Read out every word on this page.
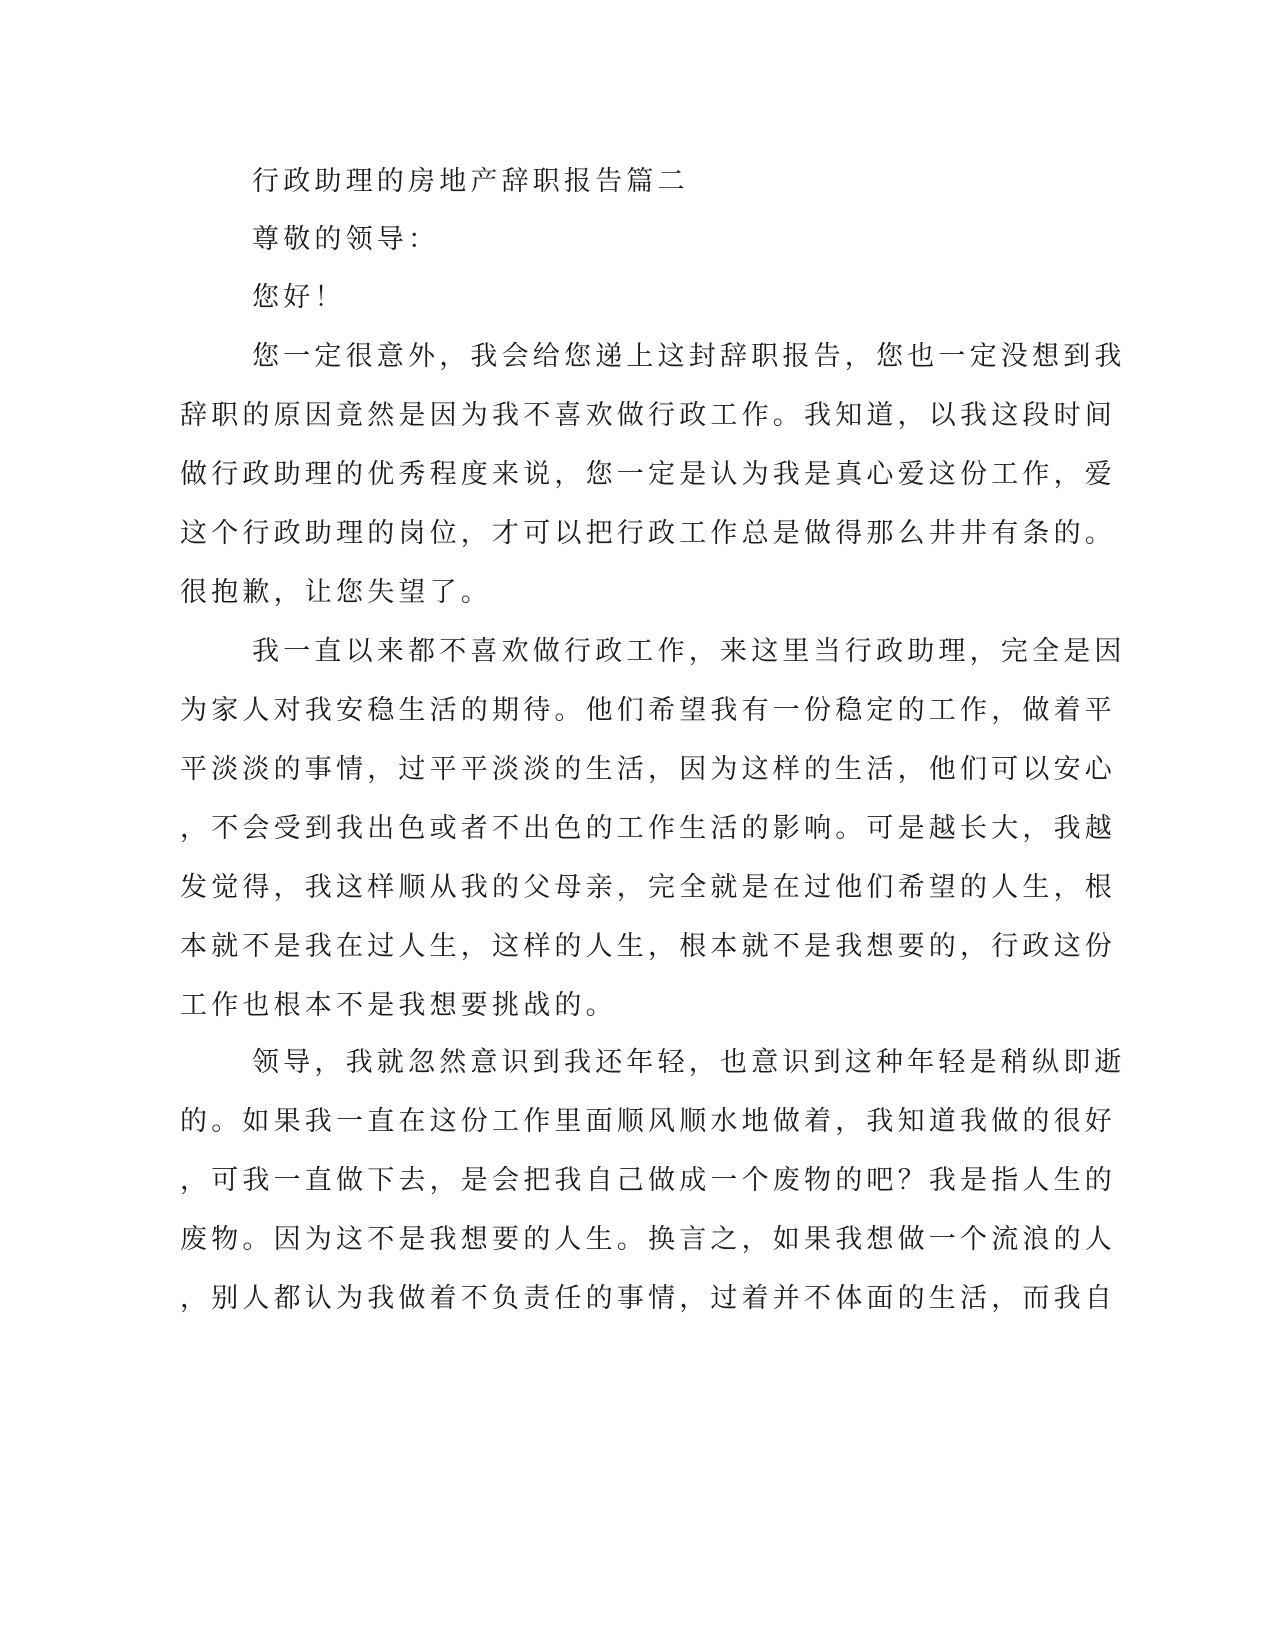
行政助理的房地产辞职报告篇二
尊敬的领导：
您好！
您一定很意外，我会给您递上这封辞职报告，您也一定没想到我
辞职的原因竟然是因为我不喜欢做行政工作。我知道，以我这段时间
做行政助理的优秀程度来说，您一定是认为我是真心爱这份工作，爱
这个行政助理的岗位，才可以把行政工作总是做得那么井井有条的。
很抱歉，让您失望了。
我一直以来都不喜欢做行政工作，来这里当行政助理，完全是因
为家人对我安稳生活的期待。他们希望我有一份稳定的工作，做着平
平淡淡的事情，过平平淡淡的生活，因为这样的生活，他们可以安心
，不会受到我出色或者不出色的工作生活的影响。可是越长大，我越
发觉得，我这样顺从我的父母亲，完全就是在过他们希望的人生，根
本就不是我在过人生，这样的人生，根本就不是我想要的，行政这份
工作也根本不是我想要挑战的。
领导，我就忽然意识到我还年轻，也意识到这种年轻是稍纵即逝
的。如果我一直在这份工作里面顺风顺水地做着，我知道我做的很好
，可我一直做下去，是会把我自己做成一个废物的吧？我是指人生的
废物。因为这不是我想要的人生。换言之，如果我想做一个流浪的人
，别人都认为我做着不负责任的事情，过着并不体面的生活，而我自
